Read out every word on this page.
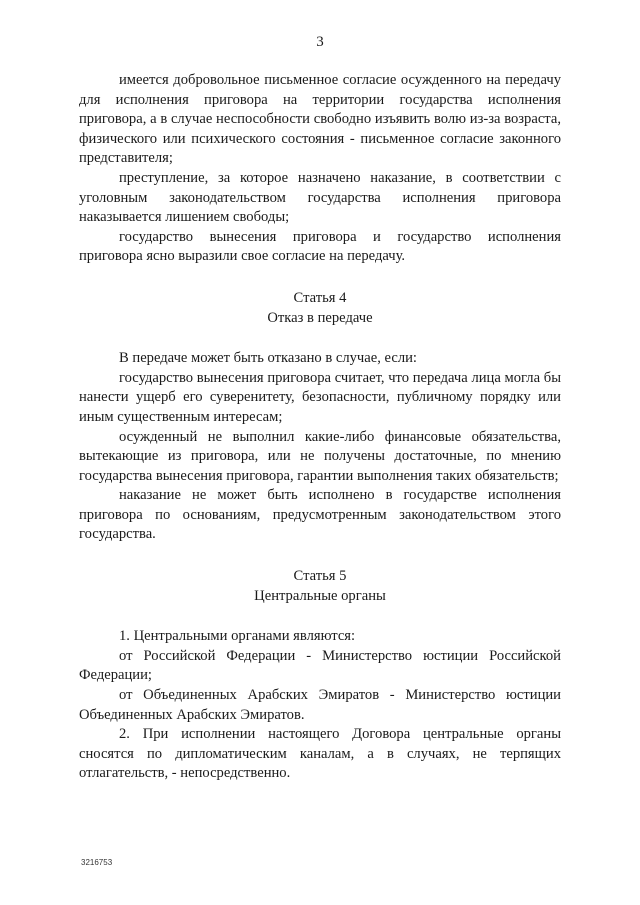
3

имеется добровольное письменное согласие осужденного на передачу для исполнения приговора на территории государства исполнения приговора, а в случае неспособности свободно изъявить волю из-за возраста, физического или психического состояния - письменное согласие законного представителя;

преступление, за которое назначено наказание, в соответствии с уголовным законодательством государства исполнения приговора наказывается лишением свободы;

государство вынесения приговора и государство исполнения приговора ясно выразили свое согласие на передачу.

Статья 4

Отказ в передаче

В передаче может быть отказано в случае, если:

государство вынесения приговора считает, что передача лица могла бы нанести ущерб его суверенитету, безопасности, публичному порядку или иным существенным интересам;

осужденный не выполнил какие-либо финансовые обязательства, вытекающие из приговора, или не получены достаточные, по мнению государства вынесения приговора, гарантии выполнения таких обязательств;

наказание не может быть исполнено в государстве исполнения приговора по основаниям, предусмотренным законодательством этого государства.

Статья 5

Центральные органы

1. Центральными органами являются:

от Российской Федерации - Министерство юстиции Российской Федерации;

от Объединенных Арабских Эмиратов - Министерство юстиции Объединенных Арабских Эмиратов.

2. При исполнении настоящего Договора центральные органы сносятся по дипломатическим каналам, а в случаях, не терпящих отлагательств, - непосредственно.

3216753
